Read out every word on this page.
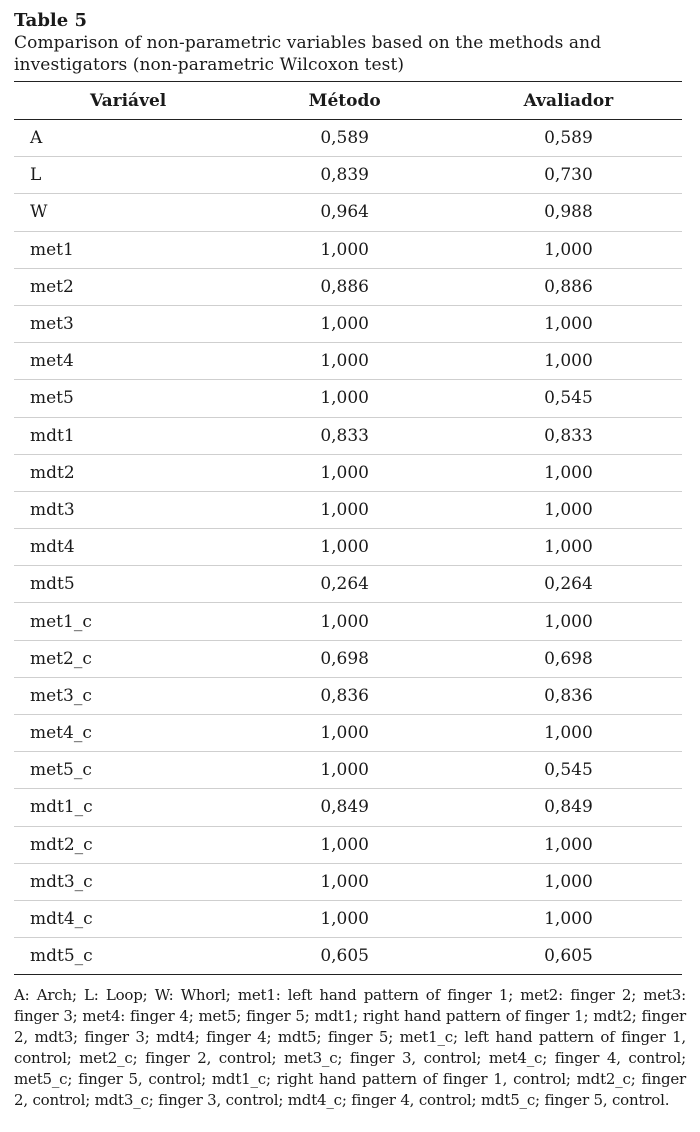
Table 5

Comparison of non-parametric variables based on the methods and investigators (non-parametric Wilcoxon test)

Variável	Método	Avaliador
A	0,589	0,589
L	0,839	0,730
W	0,964	0,988
met1	1,000	1,000
met2	0,886	0,886
met3	1,000	1,000
met4	1,000	1,000
met5	1,000	0,545
mdt1	0,833	0,833
mdt2	1,000	1,000
mdt3	1,000	1,000
mdt4	1,000	1,000
mdt5	0,264	0,264
met1_c	1,000	1,000
met2_c	0,698	0,698
met3_c	0,836	0,836
met4_c	1,000	1,000
met5_c	1,000	0,545
mdt1_c	0,849	0,849
mdt2_c	1,000	1,000
mdt3_c	1,000	1,000
mdt4_c	1,000	1,000
mdt5_c	0,605	0,605
A: Arch; L: Loop; W: Whorl; met1: left hand pattern of finger 1; met2: finger 2; met3: finger 3; met4: finger 4; met5; finger 5; mdt1; right hand pattern of finger 1; mdt2; finger 2, mdt3; finger 3; mdt4; finger 4; mdt5; finger 5; met1_c; left hand pattern of finger 1, control; met2_c; finger 2, control; met3_c; finger 3, control; met4_c; finger 4, control; met5_c; finger 5, control; mdt1_c; right hand pattern of finger 1, control; mdt2_c; finger 2, control; mdt3_c; finger 3, control; mdt4_c; finger 4, control; mdt5_c; finger 5, control.
